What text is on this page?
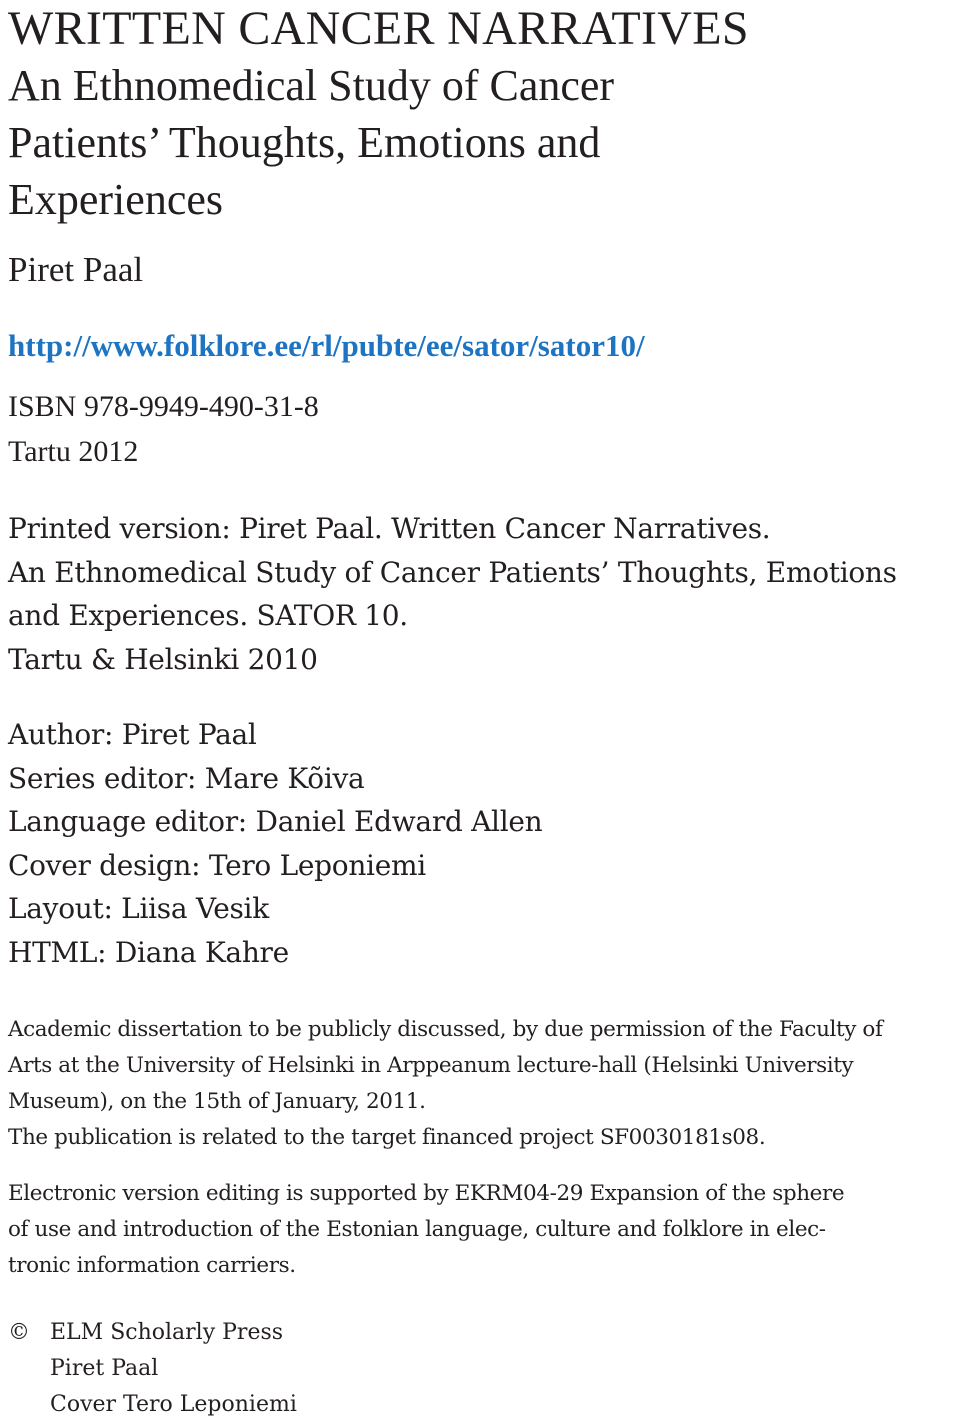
WRITTEN CANCER NARRATIVES
An Ethnomedical Study of Cancer
Patients’ Thoughts, Emotions and
Experiences
Piret Paal
http://www.folklore.ee/rl/pubte/ee/sator/sator10/
ISBN 978-9949-490-31-8
Tartu 2012
Printed version: Piret Paal. Written Cancer Narratives.
An Ethnomedical Study of Cancer Patients’ Thoughts, Emotions
and Experiences. SATOR 10.
Tartu & Helsinki 2010
Author: Piret Paal
Series editor: Mare Kõiva
Language editor: Daniel Edward Allen
Cover design: Tero Leponiemi
Layout: Liisa Vesik
HTML: Diana Kahre
Academic dissertation to be publicly discussed, by due permission of the Faculty of
Arts at the University of Helsinki in Arppeanum lecture-hall (Helsinki University
Museum), on the 15th of January, 2011.
The publication is related to the target financed project SF0030181s08.
Electronic version editing is supported by EKRM04-29 Expansion of the sphere
of use and introduction of the Estonian language, culture and folklore in elec-
tronic information carriers.
© ELM Scholarly Press
Piret Paal
Cover Tero Leponiemi
